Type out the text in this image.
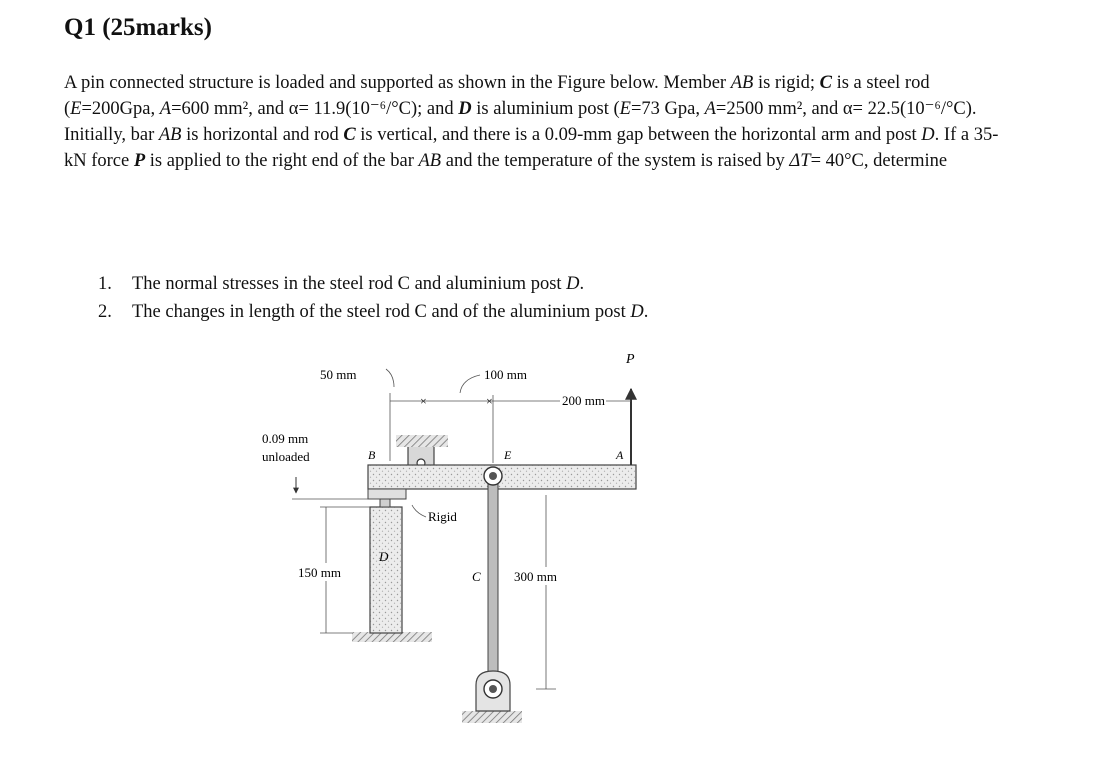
Q1 (25marks)
A pin connected structure is loaded and supported as shown in the Figure below. Member AB is rigid; C is a steel rod (E=200Gpa, A=600 mm², and α= 11.9(10⁻⁶/°C); and D is aluminium post (E=73 Gpa, A=2500 mm², and α= 22.5(10⁻⁶/°C). Initially, bar AB is horizontal and rod C is vertical, and there is a 0.09-mm gap between the horizontal arm and post D. If a 35-kN force P is applied to the right end of the bar AB and the temperature of the system is raised by ΔT= 40°C, determine
1.	The normal stresses in the steel rod C and aluminium post D.
2.	The changes in length of the steel rod C and of the aluminium post D.
P
×	×
50 mm	100 mm
200 mm
B	E	A
0.09 mm
unloaded
Rigid
D
150 mm	C	300 mm
